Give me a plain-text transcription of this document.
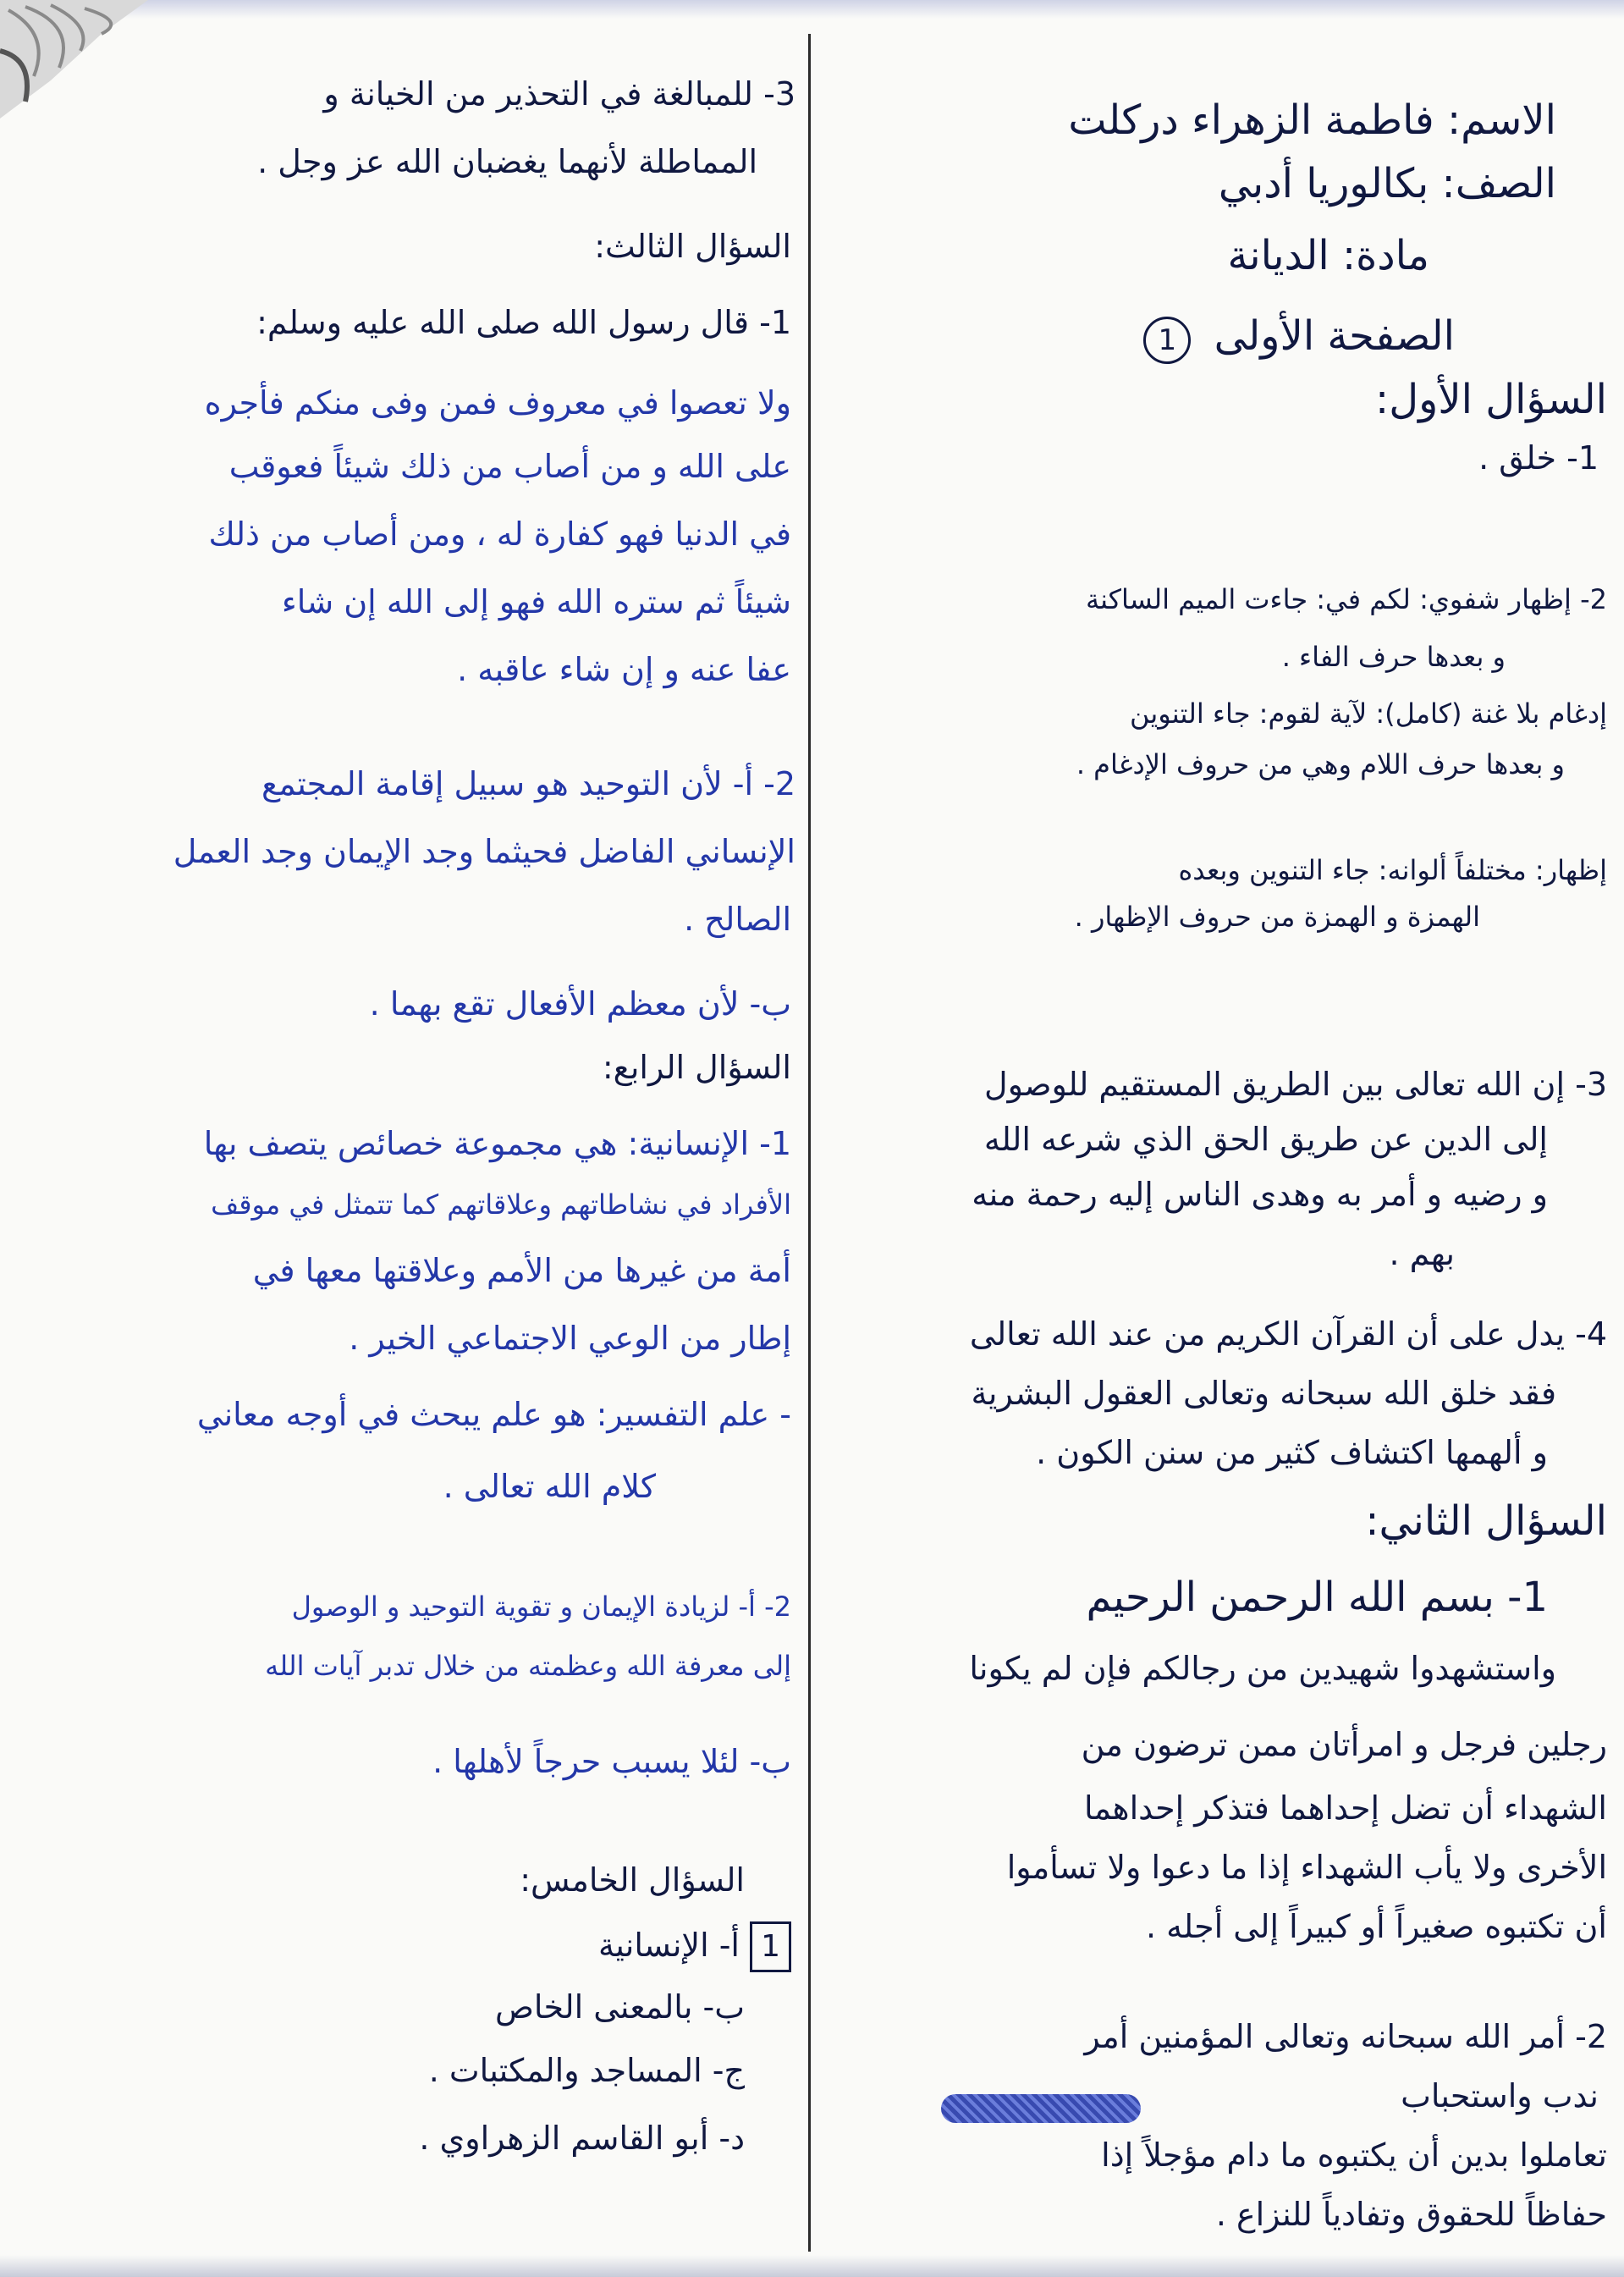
الاسم: فاطمة الزهراء دركلت
الصف: بكالوريا أدبي
مادة: الديانة
الصفحة الأولى 1
السؤال الأول:
1- خلق .
2- إظهار شفوي: لكم في: جاءت الميم الساكنة
و بعدها حرف الفاء .
إدغام بلا غنة (كامل): لآية لقوم: جاء التنوين
و بعدها حرف اللام وهي من حروف الإدغام .
إظهار: مختلفاً ألوانه: جاء التنوين وبعده
الهمزة و الهمزة من حروف الإظهار .
3- إن الله تعالى بين الطريق المستقيم للوصول
إلى الدين عن طريق الحق الذي شرعه الله
و رضيه و أمر به وهدى الناس إليه رحمة منه
بهم .
4- يدل على أن القرآن الكريم من عند الله تعالى
فقد خلق الله سبحانه وتعالى العقول البشرية
و ألهمها اكتشاف كثير من سنن الكون .
السؤال الثاني:
1- بسم الله الرحمن الرحيم
واستشهدوا شهيدين من رجالكم فإن لم يكونا
رجلين فرجل و امرأتان ممن ترضون من
الشهداء أن تضل إحداهما فتذكر إحداهما
الأخرى ولا يأب الشهداء إذا ما دعوا ولا تسأموا
أن تكتبوه صغيراً أو كبيراً إلى أجله .
2- أمر الله سبحانه وتعالى المؤمنين أمر
ندب واستحباب
تعاملوا بدين أن يكتبوه ما دام مؤجلاً إذا
حفاظاً للحقوق وتفادياً للنزاع .
3- للمبالغة في التحذير من الخيانة و
المماطلة لأنهما يغضبان الله عز وجل .
السؤال الثالث:
1- قال رسول الله صلى الله عليه وسلم:
ولا تعصوا في معروف فمن وفى منكم فأجره
على الله و من أصاب من ذلك شيئاً فعوقب
في الدنيا فهو كفارة له ، ومن أصاب من ذلك
شيئاً ثم ستره الله فهو إلى الله إن شاء
عفا عنه و إن شاء عاقبه .
2- أ- لأن التوحيد هو سبيل إقامة المجتمع
الإنساني الفاضل فحيثما وجد الإيمان وجد العمل
الصالح .
ب- لأن معظم الأفعال تقع بهما .
السؤال الرابع:
1- الإنسانية: هي مجموعة خصائص يتصف بها
الأفراد في نشاطاتهم وعلاقاتهم كما تتمثل في موقف
أمة من غيرها من الأمم وعلاقتها معها في
إطار من الوعي الاجتماعي الخير .
- علم التفسير: هو علم يبحث في أوجه معاني
كلام الله تعالى .
2- أ- لزيادة الإيمان و تقوية التوحيد و الوصول
إلى معرفة الله وعظمته من خلال تدبر آيات الله
ب- لئلا يسبب حرجاً لأهلها .
السؤال الخامس:
1 أ- الإنسانية
ب- بالمعنى الخاص
ج- المساجد والمكتبات .
د- أبو القاسم الزهراوي .
